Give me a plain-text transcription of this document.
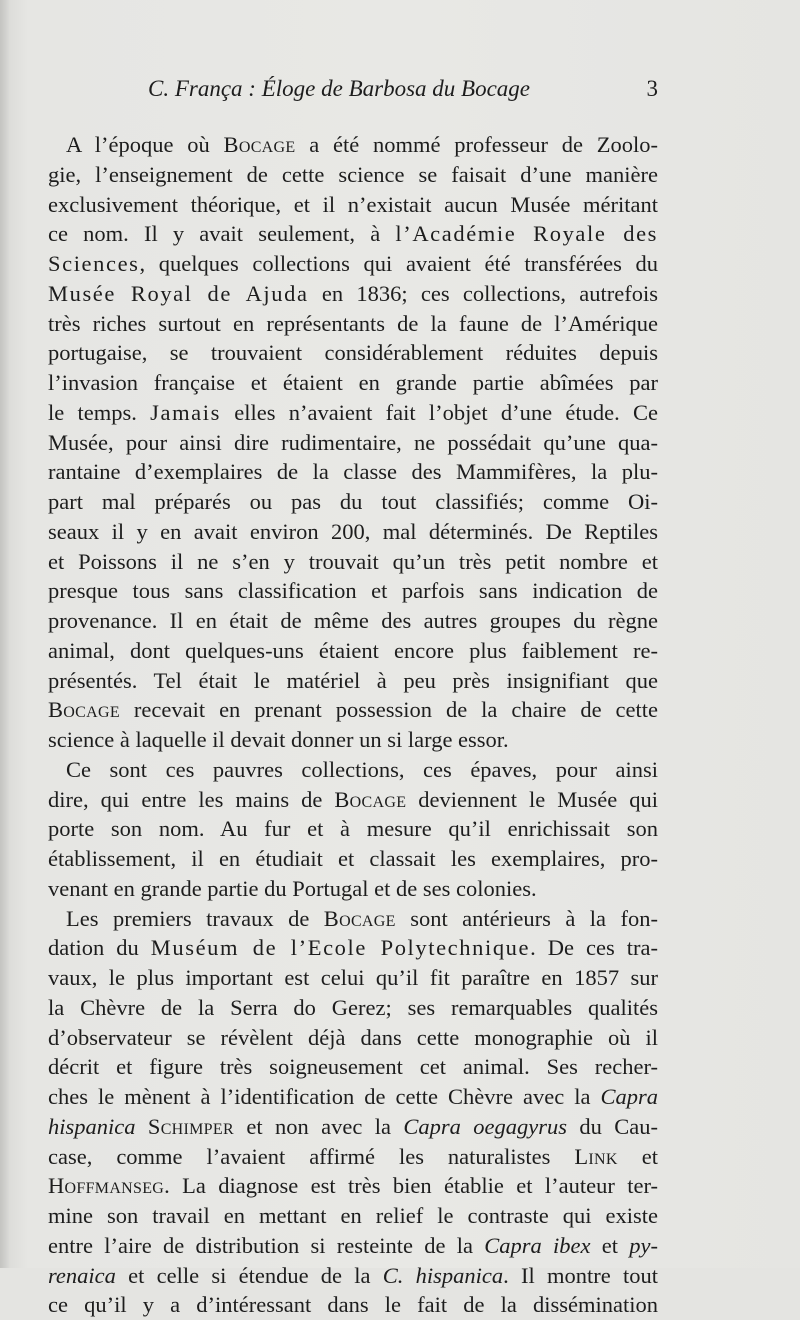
C. França : Éloge de Barbosa du Bocage	3
A l’époque où Bocage a été nommé professeur de Zoolo-
gie, l’enseignement de cette science se faisait d’une manière
exclusivement théorique, et il n’existait aucun Musée méritant
ce nom. Il y avait seulement, à l’Académie Royale des
Sciences, quelques collections qui avaient été transférées du
Musée Royal de Ajuda en 1836; ces collections, autrefois
très riches surtout en représentants de la faune de l’Amérique
portugaise, se trouvaient considérablement réduites depuis
l’invasion française et étaient en grande partie abîmées par
le temps. Jamais elles n’avaient fait l’objet d’une étude. Ce
Musée, pour ainsi dire rudimentaire, ne possédait qu’une qua-
rantaine d’exemplaires de la classe des Mammifères, la plu-
part mal préparés ou pas du tout classifiés; comme Oi-
seaux il y en avait environ 200, mal déterminés. De Reptiles
et Poissons il ne s’en y trouvait qu’un très petit nombre et
presque tous sans classification et parfois sans indication de
provenance. Il en était de même des autres groupes du règne
animal, dont quelques-uns étaient encore plus faiblement re-
présentés. Tel était le matériel à peu près insignifiant que
Bocage recevait en prenant possession de la chaire de cette
science à laquelle il devait donner un si large essor.
Ce sont ces pauvres collections, ces épaves, pour ainsi
dire, qui entre les mains de Bocage deviennent le Musée qui
porte son nom. Au fur et à mesure qu’il enrichissait son
établissement, il en étudiait et classait les exemplaires, pro-
venant en grande partie du Portugal et de ses colonies.
Les premiers travaux de Bocage sont antérieurs à la fon-
dation du Muséum de l’Ecole Polytechnique. De ces tra-
vaux, le plus important est celui qu’il fit paraître en 1857 sur
la Chèvre de la Serra do Gerez; ses remarquables qualités
d’observateur se révèlent déjà dans cette monographie où il
décrit et figure très soigneusement cet animal. Ses recher-
ches le mènent à l’identification de cette Chèvre avec la Capra
hispanica Schimper et non avec la Capra oegagyrus du Cau-
case, comme l’avaient affirmé les naturalistes Link et
Hoffmanseg. La diagnose est très bien établie et l’auteur ter-
mine son travail en mettant en relief le contraste qui existe
entre l’aire de distribution si resteinte de la Capra ibex et py-
renaica et celle si étendue de la C. hispanica. Il montre tout
ce qu’il y a d’intéressant dans le fait de la dissémination
